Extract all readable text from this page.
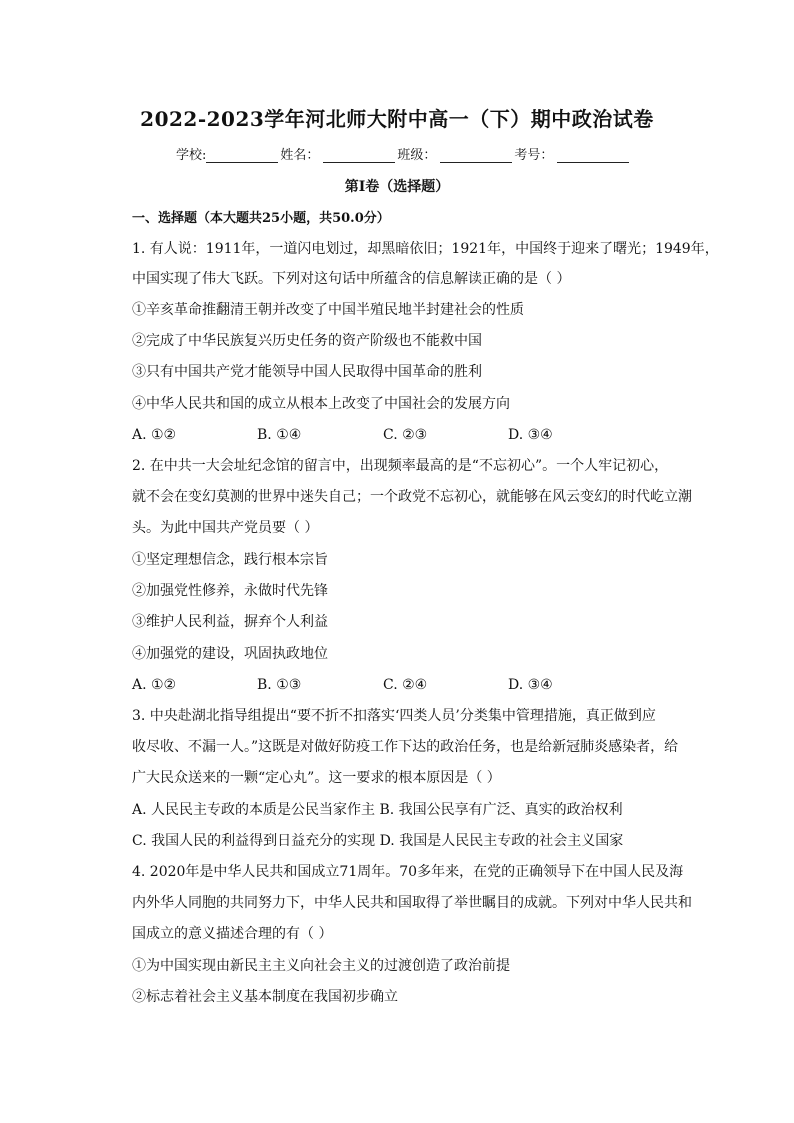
2022-2023学年河北师大附中高一（下）期中政治试卷
学校:	姓名：	班级：	考号：
第I卷（选择题）
一、选择题（本大题共25小题，共50.0分）
1. 有人说：1911年，一道闪电划过，却黑暗依旧；1921年，中国终于迎来了曙光；1949年，
中国实现了伟大飞跃。下列对这句话中所蕴含的信息解读正确的是（ ）
①辛亥革命推翻清王朝并改变了中国半殖民地半封建社会的性质
②完成了中华民族复兴历史任务的资产阶级也不能救中国
③只有中国共产党才能领导中国人民取得中国革命的胜利
④中华人民共和国的成立从根本上改变了中国社会的发展方向
A. ①②	B. ①④	C. ②③	D. ③④
2. 在中共一大会址纪念馆的留言中，出现频率最高的是“不忘初心”。一个人牢记初心，
就不会在变幻莫测的世界中迷失自己；一个政党不忘初心，就能够在风云变幻的时代屹立潮
头。为此中国共产党员要（ ）
①坚定理想信念，践行根本宗旨
②加强党性修养，永做时代先锋
③维护人民利益，摒弃个人利益
④加强党的建设，巩固执政地位
A. ①②	B. ①③	C. ②④	D. ③④
3. 中央赴湖北指导组提出“要不折不扣落实‘四类人员’分类集中管理措施，真正做到应
收尽收、不漏一人。”这既是对做好防疫工作下达的政治任务，也是给新冠肺炎感染者，给
广大民众送来的一颗“定心丸”。这一要求的根本原因是（ ）
A. 人民民主专政的本质是公民当家作主 B. 我国公民享有广泛、真实的政治权利
C. 我国人民的利益得到日益充分的实现 D. 我国是人民民主专政的社会主义国家
4. 2020年是中华人民共和国成立71周年。70多年来，在党的正确领导下在中国人民及海
内外华人同胞的共同努力下，中华人民共和国取得了举世瞩目的成就。下列对中华人民共和
国成立的意义描述合理的有（ ）
①为中国实现由新民主主义向社会主义的过渡创造了政治前提
②标志着社会主义基本制度在我国初步确立
